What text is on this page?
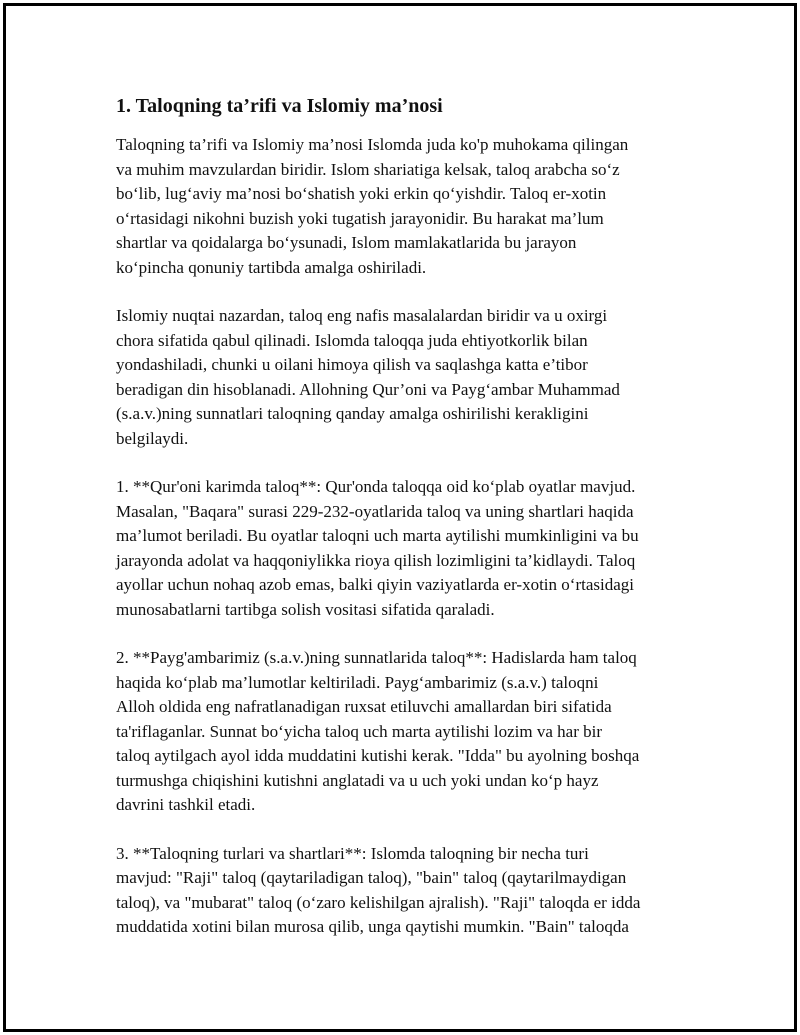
1. Taloqning ta’rifi va Islomiy ma’nosi
Taloqning ta’rifi va Islomiy ma’nosi Islomda juda ko'p muhokama qilingan
va muhim mavzulardan biridir. Islom shariatiga kelsak, taloq arabcha so‘z
bo‘lib, lug‘aviy ma’nosi bo‘shatish yoki erkin qo‘yishdir. Taloq er-xotin
o‘rtasidagi nikohni buzish yoki tugatish jarayonidir. Bu harakat ma’lum
shartlar va qoidalarga bo‘ysunadi, Islom mamlakatlarida bu jarayon
ko‘pincha qonuniy tartibda amalga oshiriladi.
Islomiy nuqtai nazardan, taloq eng nafis masalalardan biridir va u oxirgi
chora sifatida qabul qilinadi. Islomda taloqqa juda ehtiyotkorlik bilan
yondashiladi, chunki u oilani himoya qilish va saqlashga katta e’tibor
beradigan din hisoblanadi. Allohning Qur’oni va Payg‘ambar Muhammad
(s.a.v.)ning sunnatlari taloqning qanday amalga oshirilishi kerakligini
belgilaydi.
1. **Qur'oni karimda taloq**: Qur'onda taloqqa oid ko‘plab oyatlar mavjud.
Masalan, "Baqara" surasi 229-232-oyatlarida taloq va uning shartlari haqida
ma’lumot beriladi. Bu oyatlar taloqni uch marta aytilishi mumkinligini va bu
jarayonda adolat va haqqoniylikka rioya qilish lozimligini ta’kidlaydi. Taloq
ayollar uchun nohaq azob emas, balki qiyin vaziyatlarda er-xotin o‘rtasidagi
munosabatlarni tartibga solish vositasi sifatida qaraladi.
2. **Payg'ambarimiz (s.a.v.)ning sunnatlarida taloq**: Hadislarda ham taloq
haqida ko‘plab ma’lumotlar keltiriladi. Payg‘ambarimiz (s.a.v.) taloqni
Alloh oldida eng nafratlanadigan ruxsat etiluvchi amallardan biri sifatida
ta'riflaganlar. Sunnat bo‘yicha taloq uch marta aytilishi lozim va har bir
taloq aytilgach ayol idda muddatini kutishi kerak. "Idda" bu ayolning boshqa
turmushga chiqishini kutishni anglatadi va u uch yoki undan ko‘p hayz
davrini tashkil etadi.
3. **Taloqning turlari va shartlari**: Islomda taloqning bir necha turi
mavjud: "Raji" taloq (qaytariladigan taloq), "bain" taloq (qaytarilmaydigan
taloq), va "mubarat" taloq (o‘zaro kelishilgan ajralish). "Raji" taloqda er idda
muddatida xotini bilan murosa qilib, unga qaytishi mumkin. "Bain" taloqda
